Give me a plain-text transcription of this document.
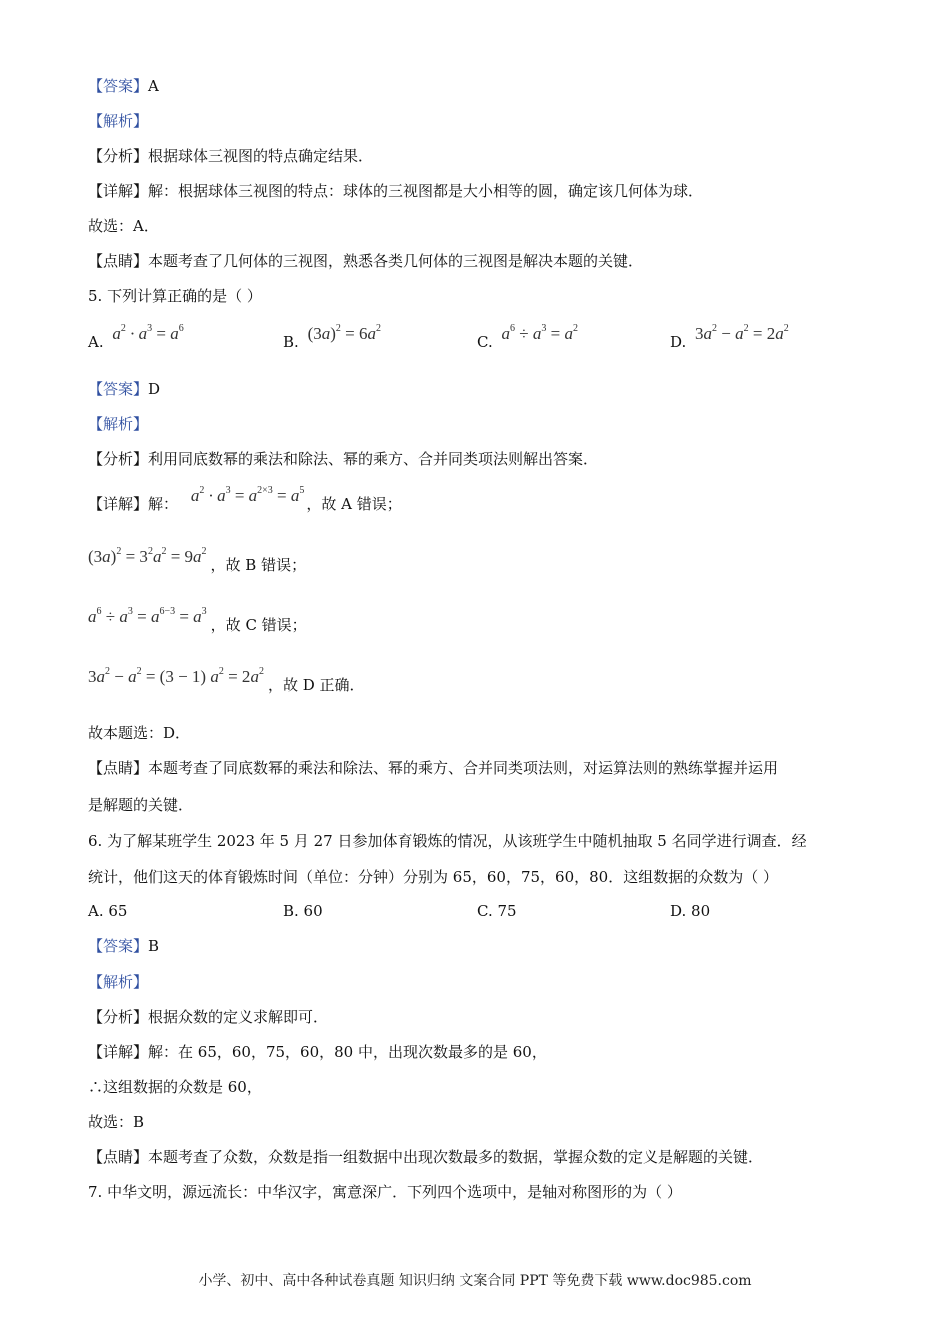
【答案】A
【解析】
【分析】根据球体三视图的特点确定结果．
【详解】解：根据球体三视图的特点：球体的三视图都是大小相等的圆，确定该几何体为球．
故选：A．
【点睛】本题考查了几何体的三视图，熟悉各类几何体的三视图是解决本题的关键．
5. 下列计算正确的是（ ）
A. $a^2 \cdot a^3 = a^6$
B. $(3a)^2 = 6a^2$
C. $a^6 \div a^3 = a^2$
D. $3a^2 - a^2 = 2a^2$
【答案】D
【解析】
【分析】利用同底数幂的乘法和除法、幂的乘方、合并同类项法则解出答案．
【详解】解： $a^2 \cdot a^3 = a^{2\times 3} = a^5$，故 A 错误；
$(3a)^2 = 3^2a^2 = 9a^2$，故 B 错误；
$a^6 \div a^3 = a^{6-3} = a^3$，故 C 错误；
$3a^2 - a^2 = (3 - 1) a^2 = 2a^2$，故 D 正确．
故本题选：D．
【点睛】本题考查了同底数幂的乘法和除法、幂的乘方、合并同类项法则，对运算法则的熟练掌握并运用
是解题的关键．
6. 为了解某班学生 2023 年 5 月 27 日参加体育锻炼的情况，从该班学生中随机抽取 5 名同学进行调查．经
统计，他们这天的体育锻炼时间（单位：分钟）分别为 65，60，75，60，80．这组数据的众数为（ ）
A. 65	B. 60	C. 75	D. 80
【答案】B
【解析】
【分析】根据众数的定义求解即可．
【详解】解：在 65，60，75，60，80 中，出现次数最多的是 60，
∴这组数据的众数是 60，
故选：B
【点睛】本题考查了众数，众数是指一组数据中出现次数最多的数据，掌握众数的定义是解题的关键．
7. 中华文明，源远流长：中华汉字，寓意深广．下列四个选项中，是轴对称图形的为（ ）
小学、初中、高中各种试卷真题 知识归纳 文案合同 PPT 等免费下载 www.doc985.com
